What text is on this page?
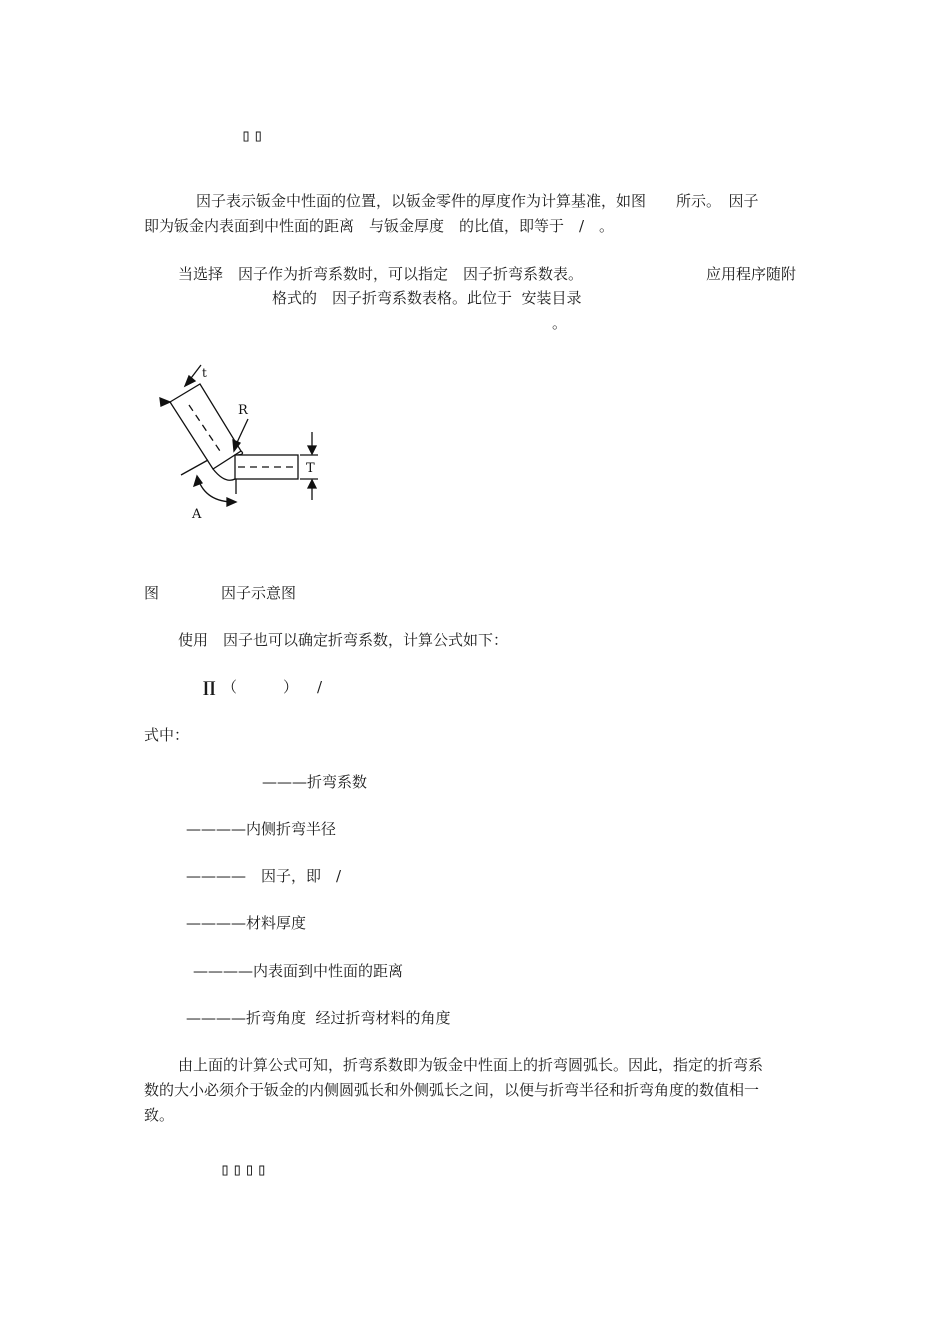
▯▯

因子表示钣金中性面的位置，以钣金零件的厚度作为计算基准，如图　　所示。　因子

即为钣金内表面到中性面的距离　与钣金厚度　的比值，即等于　/　。

当选择　因子作为折弯系数时，可以指定　因子折弯系数表。	应用程序随附

格式的　因子折弯系数表格。此位于  安装目录

。

t
R
T
A

图	因子示意图

使用　因子也可以确定折弯系数，计算公式如下：

∏ （	） /

式中：

———折弯系数

————内侧折弯半径

————　因子，即　/

————材料厚度

————内表面到中性面的距离

————折弯角度  经过折弯材料的角度

由上面的计算公式可知，折弯系数即为钣金中性面上的折弯圆弧长。因此，指定的折弯系

数的大小必须介于钣金的内侧圆弧长和外侧弧长之间，以便与折弯半径和折弯角度的数值相一

致。

▯▯▯▯
